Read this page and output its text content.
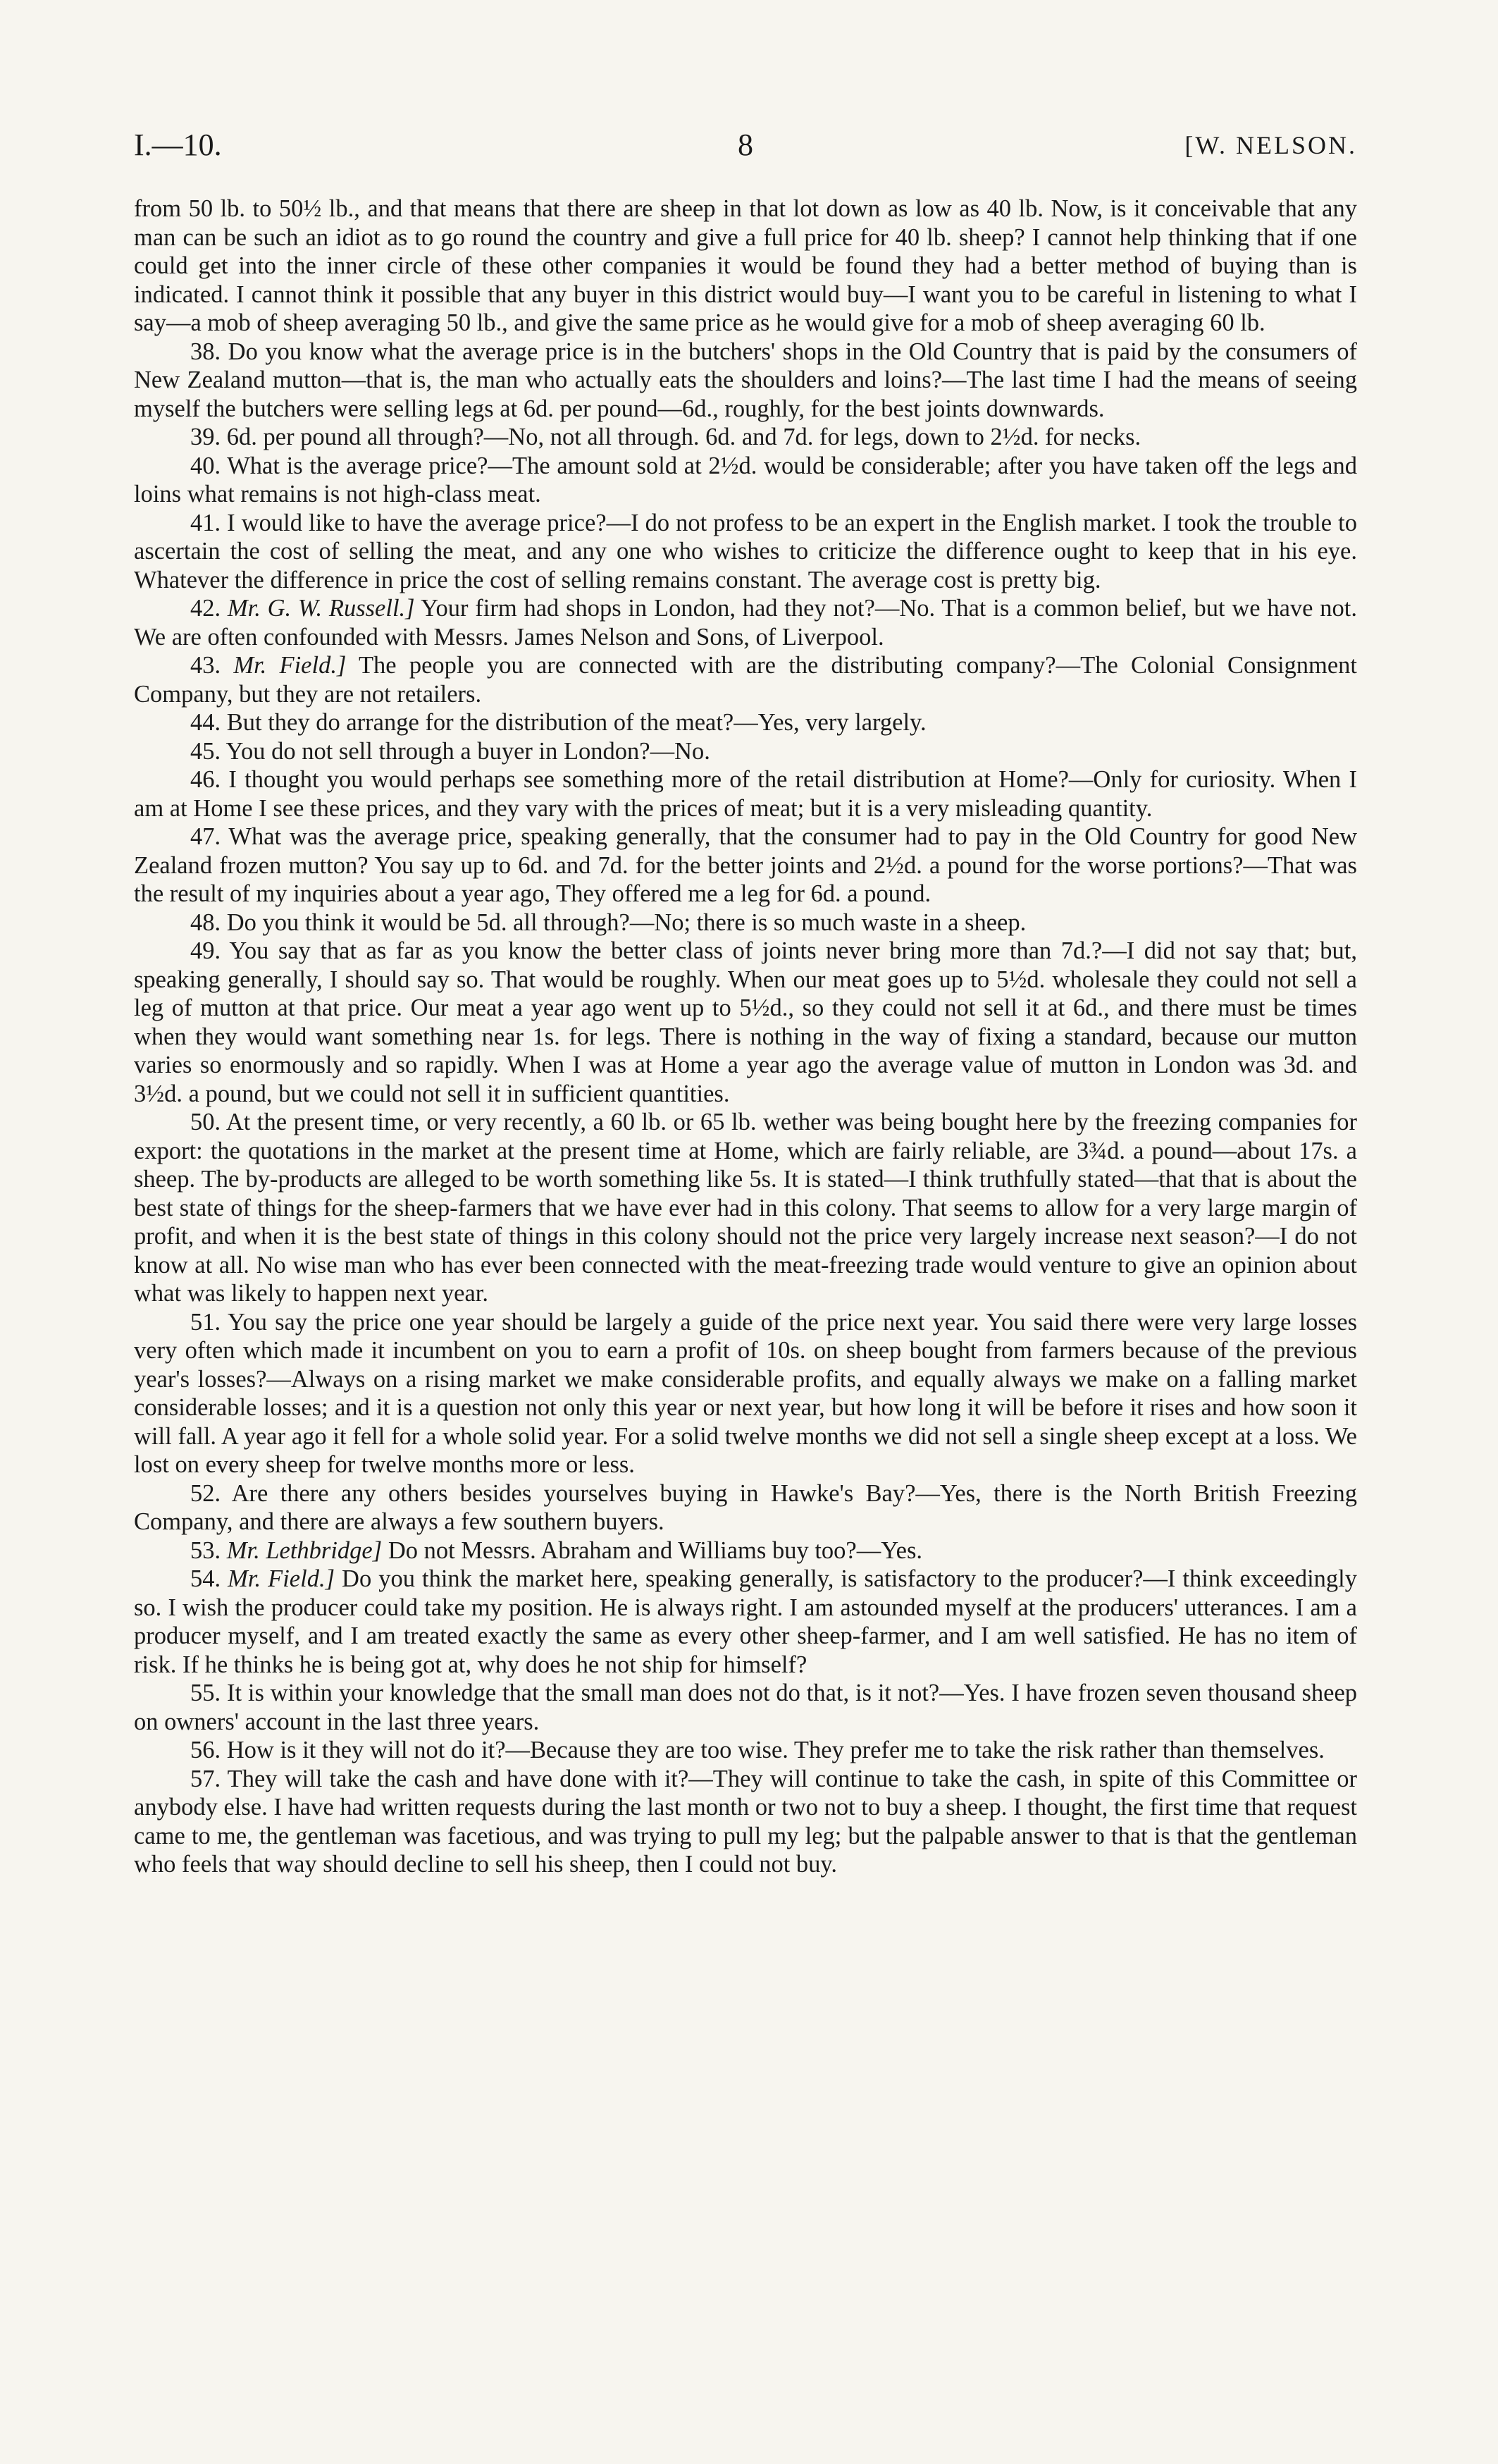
I.—10.	8	[W. NELSON.

from 50 lb. to 50½ lb., and that means that there are sheep in that lot down as low as 40 lb. Now, is it conceivable that any man can be such an idiot as to go round the country and give a full price for 40 lb. sheep? I cannot help thinking that if one could get into the inner circle of these other companies it would be found they had a better method of buying than is indicated. I cannot think it possible that any buyer in this district would buy—I want you to be careful in listening to what I say—a mob of sheep averaging 50 lb., and give the same price as he would give for a mob of sheep averaging 60 lb.

38. Do you know what the average price is in the butchers' shops in the Old Country that is paid by the consumers of New Zealand mutton—that is, the man who actually eats the shoulders and loins?—The last time I had the means of seeing myself the butchers were selling legs at 6d. per pound—6d., roughly, for the best joints downwards.

39. 6d. per pound all through?—No, not all through. 6d. and 7d. for legs, down to 2½d. for necks.

40. What is the average price?—The amount sold at 2½d. would be considerable; after you have taken off the legs and loins what remains is not high-class meat.

41. I would like to have the average price?—I do not profess to be an expert in the English market. I took the trouble to ascertain the cost of selling the meat, and any one who wishes to criticize the difference ought to keep that in his eye. Whatever the difference in price the cost of selling remains constant. The average cost is pretty big.

42. Mr. G. W. Russell.] Your firm had shops in London, had they not?—No. That is a common belief, but we have not. We are often confounded with Messrs. James Nelson and Sons, of Liverpool.

43. Mr. Field.] The people you are connected with are the distributing company?—The Colonial Consignment Company, but they are not retailers.

44. But they do arrange for the distribution of the meat?—Yes, very largely.

45. You do not sell through a buyer in London?—No.

46. I thought you would perhaps see something more of the retail distribution at Home?—Only for curiosity. When I am at Home I see these prices, and they vary with the prices of meat; but it is a very misleading quantity.

47. What was the average price, speaking generally, that the consumer had to pay in the Old Country for good New Zealand frozen mutton? You say up to 6d. and 7d. for the better joints and 2½d. a pound for the worse portions?—That was the result of my inquiries about a year ago, They offered me a leg for 6d. a pound.

48. Do you think it would be 5d. all through?—No; there is so much waste in a sheep.

49. You say that as far as you know the better class of joints never bring more than 7d.?—I did not say that; but, speaking generally, I should say so. That would be roughly. When our meat goes up to 5½d. wholesale they could not sell a leg of mutton at that price. Our meat a year ago went up to 5½d., so they could not sell it at 6d., and there must be times when they would want something near 1s. for legs. There is nothing in the way of fixing a standard, because our mutton varies so enormously and so rapidly. When I was at Home a year ago the average value of mutton in London was 3d. and 3½d. a pound, but we could not sell it in sufficient quantities.

50. At the present time, or very recently, a 60 lb. or 65 lb. wether was being bought here by the freezing companies for export: the quotations in the market at the present time at Home, which are fairly reliable, are 3¾d. a pound—about 17s. a sheep. The by-products are alleged to be worth something like 5s. It is stated—I think truthfully stated—that that is about the best state of things for the sheep-farmers that we have ever had in this colony. That seems to allow for a very large margin of profit, and when it is the best state of things in this colony should not the price very largely increase next season?—I do not know at all. No wise man who has ever been connected with the meat-freezing trade would venture to give an opinion about what was likely to happen next year.

51. You say the price one year should be largely a guide of the price next year. You said there were very large losses very often which made it incumbent on you to earn a profit of 10s. on sheep bought from farmers because of the previous year's losses?—Always on a rising market we make considerable profits, and equally always we make on a falling market considerable losses; and it is a question not only this year or next year, but how long it will be before it rises and how soon it will fall. A year ago it fell for a whole solid year. For a solid twelve months we did not sell a single sheep except at a loss. We lost on every sheep for twelve months more or less.

52. Are there any others besides yourselves buying in Hawke's Bay?—Yes, there is the North British Freezing Company, and there are always a few southern buyers.

53. Mr. Lethbridge] Do not Messrs. Abraham and Williams buy too?—Yes.

54. Mr. Field.] Do you think the market here, speaking generally, is satisfactory to the producer?—I think exceedingly so. I wish the producer could take my position. He is always right. I am astounded myself at the producers' utterances. I am a producer myself, and I am treated exactly the same as every other sheep-farmer, and I am well satisfied. He has no item of risk. If he thinks he is being got at, why does he not ship for himself?

55. It is within your knowledge that the small man does not do that, is it not?—Yes. I have frozen seven thousand sheep on owners' account in the last three years.

56. How is it they will not do it?—Because they are too wise. They prefer me to take the risk rather than themselves.

57. They will take the cash and have done with it?—They will continue to take the cash, in spite of this Committee or anybody else. I have had written requests during the last month or two not to buy a sheep. I thought, the first time that request came to me, the gentleman was facetious, and was trying to pull my leg; but the palpable answer to that is that the gentleman who feels that way should decline to sell his sheep, then I could not buy.
